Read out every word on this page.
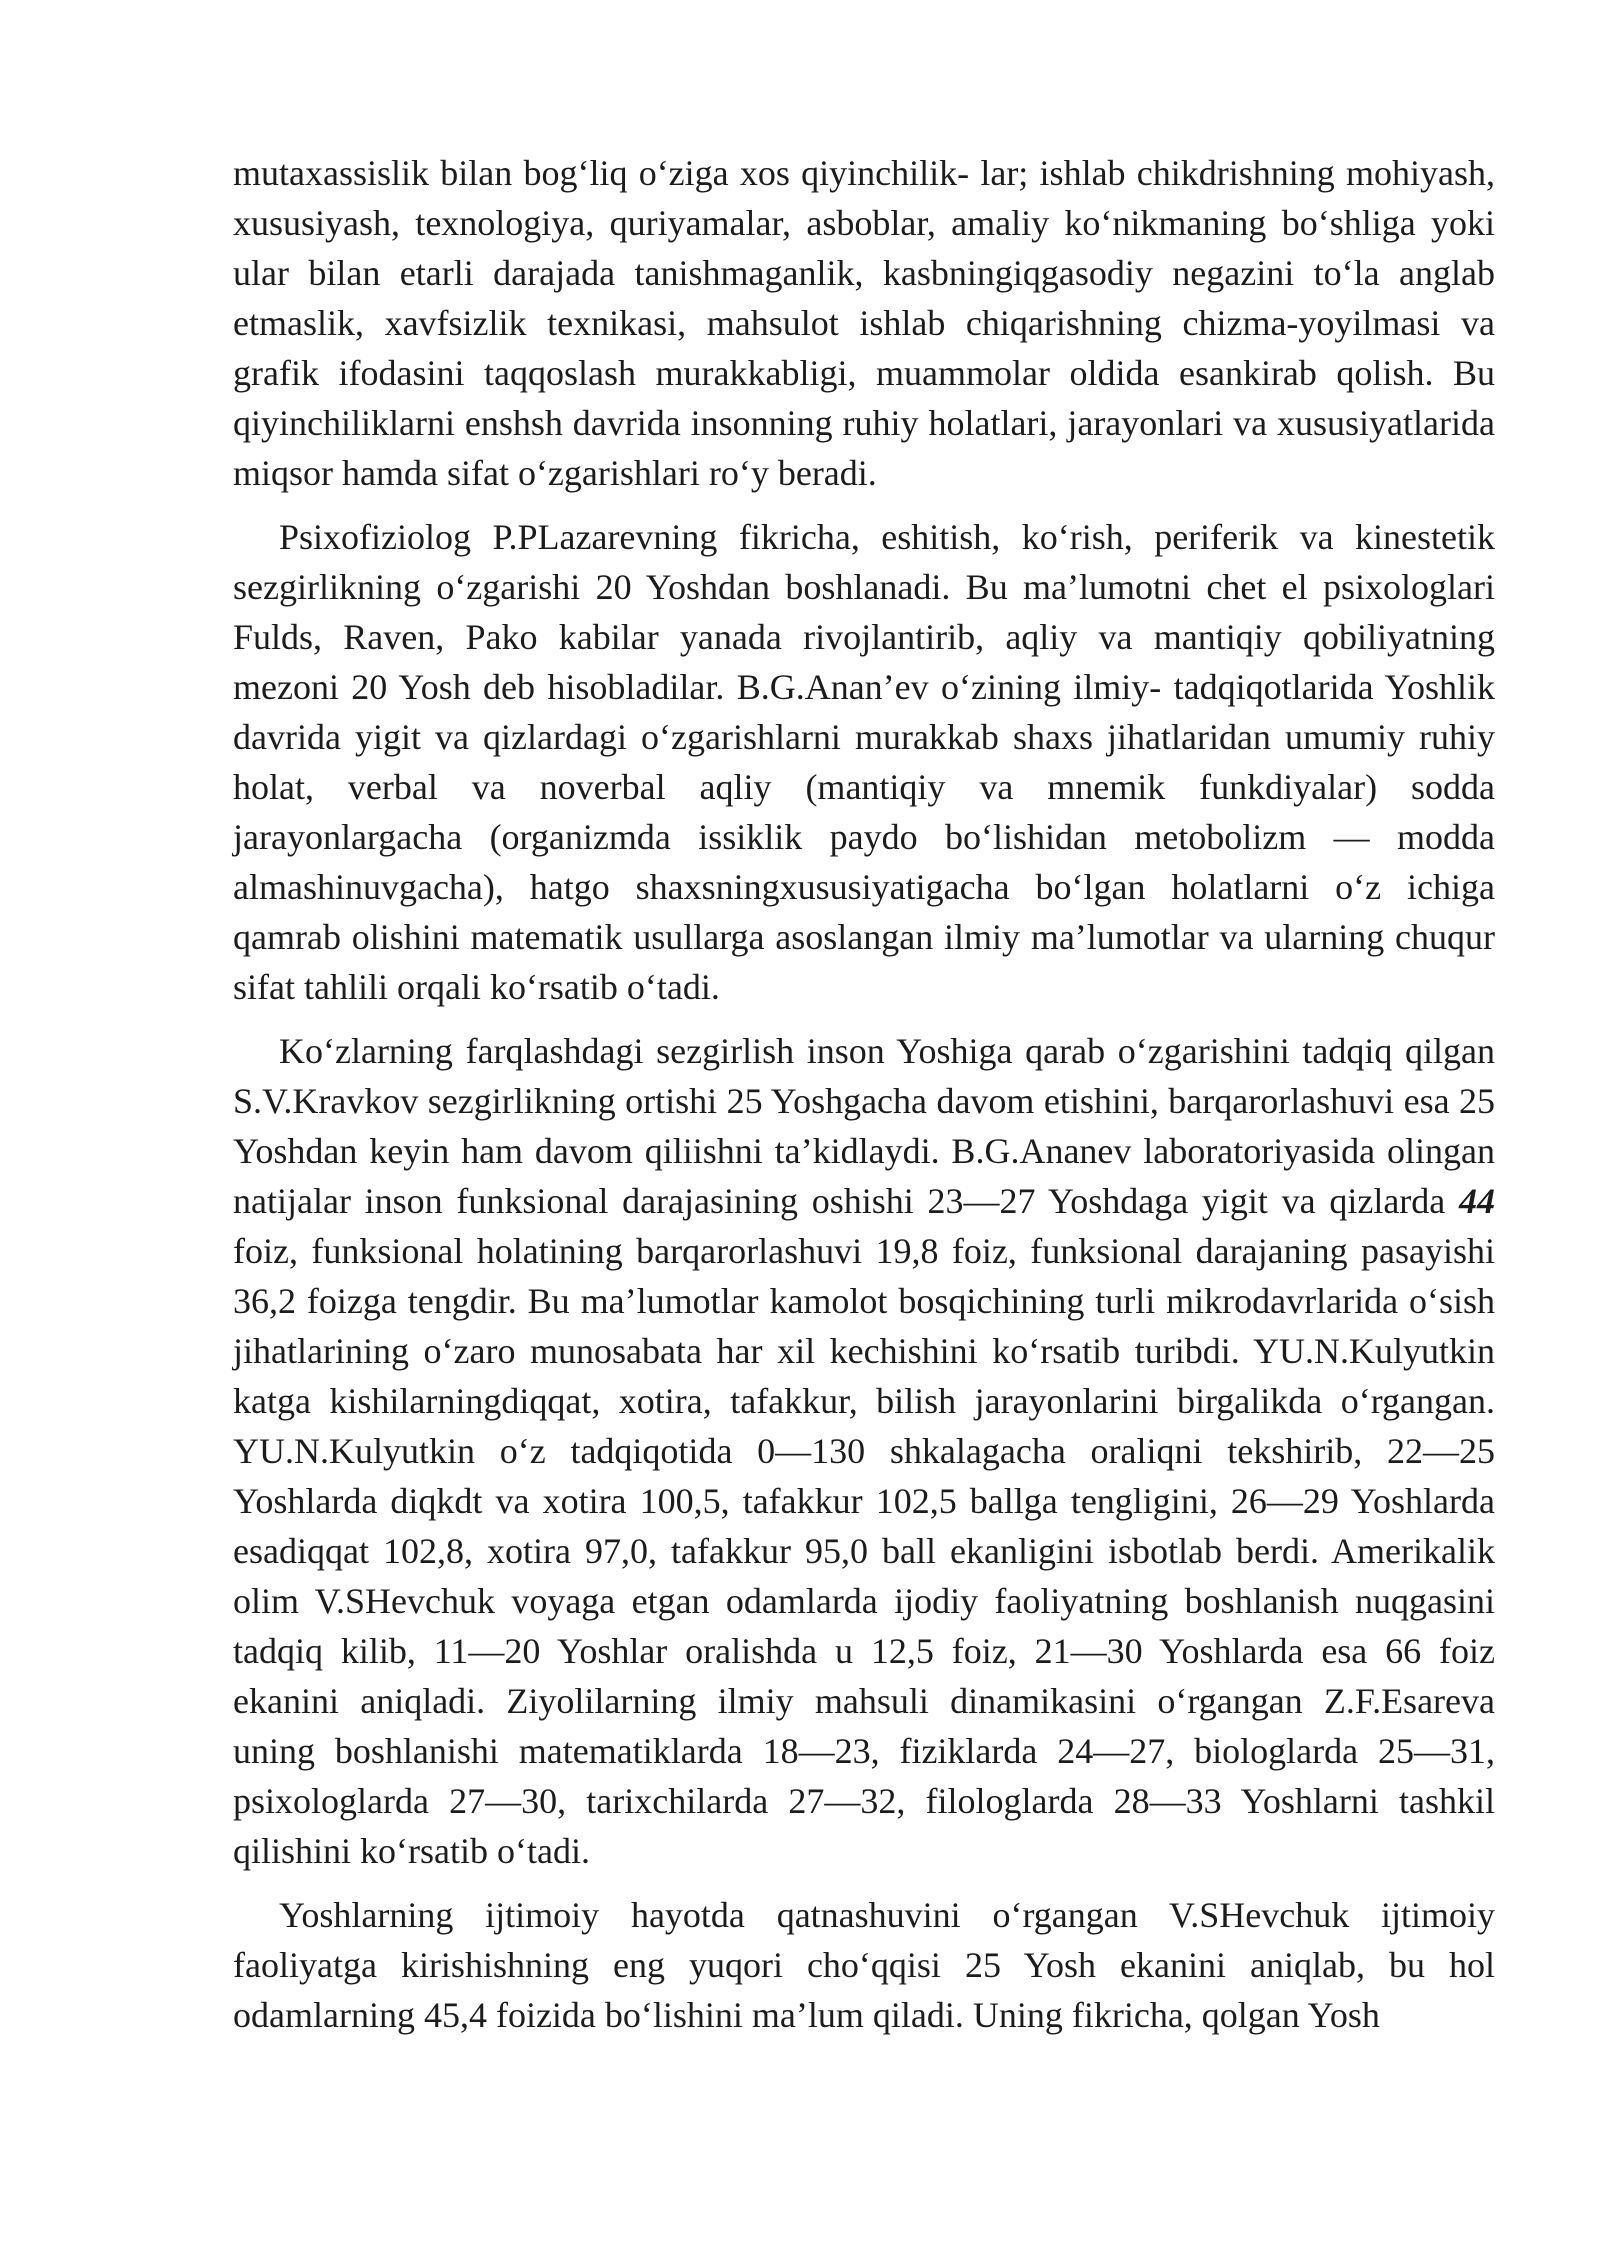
mutaxassislik bilan bog‘liq o‘ziga xos qiyinchilik- lar; ishlab chikdrishning mohiyash, xususiyash, texnologiya, quriyamalar, asboblar, amaliy ko‘nikmaning bo‘shliga yoki ular bilan etarli darajada tanishmaganlik, kasbningiqgasodiy negazini to‘la anglab etmaslik, xavfsizlik texnikasi, mahsulot ishlab chiqarishning chizma-yoyilmasi va grafik ifodasini taqqoslash murakkabligi, muammolar oldida esankirab qolish. Bu qiyinchiliklarni enshsh davrida insonning ruhiy holatlari, jarayonlari va xususiyatlarida miqsor hamda sifat o‘zgarishlari ro‘y beradi.

Psixofiziolog P.PLazarevning fikricha, eshitish, ko‘rish, periferik va kinestetik sezgirlikning o‘zgarishi 20 Yoshdan boshlanadi. Bu ma’lumotni chet el psixologlari Fulds, Raven, Pako kabilar yanada rivojlantirib, aqliy va mantiqiy qobiliyatning mezoni 20 Yosh deb hisobladilar. B.G.Anan’ev o‘zining ilmiy- tadqiqotlarida Yoshlik davrida yigit va qizlardagi o‘zgarishlarni murakkab shaxs jihatlaridan umumiy ruhiy holat, verbal va noverbal aqliy (mantiqiy va mnemik funkdiyalar) sodda jarayonlargacha (organizmda issiklik paydo bo‘lishidan metobolizm — modda almashinuvgacha), hatgo shaxsningxususiyatigacha bo‘lgan holatlarni o‘z ichiga qamrab olishini matematik usullarga asoslangan ilmiy ma’lumotlar va ularning chuqur sifat tahlili orqali ko‘rsatib o‘tadi.

Ko‘zlarning farqlashdagi sezgirlish inson Yoshiga qarab o‘zgarishini tadqiq qilgan S.V.Kravkov sezgirlikning ortishi 25 Yoshgacha davom etishini, barqarorlashuvi esa 25 Yoshdan keyin ham davom qiliishni ta’kidlaydi. B.G.Ananev laboratoriyasida olingan natijalar inson funksional darajasining oshishi 23—27 Yoshdaga yigit va qizlarda 44 foiz, funksional holatining barqarorlashuvi 19,8 foiz, funksional darajaning pasayishi 36,2 foizga tengdir. Bu ma’lumotlar kamolot bosqichining turli mikrodavrlarida o‘sish jihatlarining o‘zaro munosabata har xil kechishini ko‘rsatib turibdi. YU.N.Kulyutkin katga kishilarningdiqqat, xotira, tafakkur, bilish jarayonlarini birgalikda o‘rgangan. YU.N.Kulyutkin o‘z tadqiqotida 0—130 shkalagacha oraliqni tekshirib, 22—25 Yoshlarda diqkdt va xotira 100,5, tafakkur 102,5 ballga tengligini, 26—29 Yoshlarda esadiqqat 102,8, xotira 97,0, tafakkur 95,0 ball ekanligini isbotlab berdi. Amerikalik olim V.SHevchuk voyaga etgan odamlarda ijodiy faoliyatning boshlanish nuqgasini tadqiq kilib, 11—20 Yoshlar oralishda u 12,5 foiz, 21—30 Yoshlarda esa 66 foiz ekanini aniqladi. Ziyolilarning ilmiy mahsuli dinamikasini o‘rgangan Z.F.Esareva uning boshlanishi matematiklarda 18—23, fiziklarda 24—27, biologlarda 25—31, psixologlarda 27—30, tarixchilarda 27—32, filologlarda 28—33 Yoshlarni tashkil qilishini ko‘rsatib o‘tadi.

Yoshlarning ijtimoiy hayotda qatnashuvini o‘rgangan V.SHevchuk ijtimoiy faoliyatga kirishishning eng yuqori cho‘qqisi 25 Yosh ekanini aniqlab, bu hol odamlarning 45,4 foizida bo‘lishini ma’lum qiladi. Uning fikricha, qolgan Yosh
